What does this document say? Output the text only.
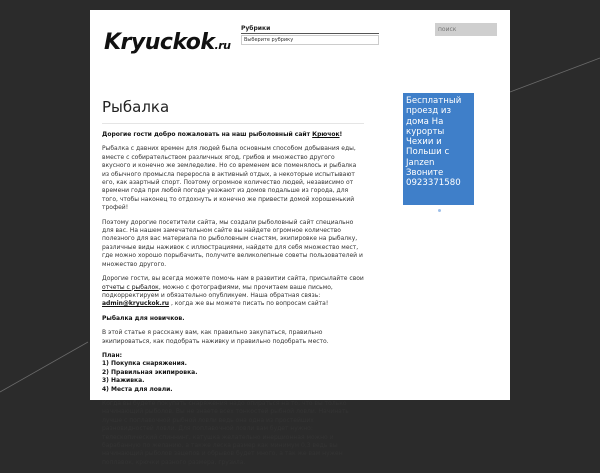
Kryuckok.ru
Рубрики
Выберите рубрику
поиск
Рыбалка

Дорогие гости добро пожаловать на наш рыболовный сайт Крючок!

Рыбалка с давних времен для людей была основным способом добывания еды, вместе с собирательством различных ягод, грибов и множество другого вкусного и конечно же земледелие. Но со временем все поменялось и рыбалка из обычного промысла переросла в активный отдых, а некоторые испытывают его, как азартный спорт. Поэтому огромное количество людей, независимо от времени года при любой погоде уезжают из домов подальше из города, для того, чтобы наконец то отдохнуть и конечно же привести домой хорошенький трофей!

Поэтому дорогие посетители сайта, мы создали рыболовный сайт специально для вас. На нашем замечательном сайте вы найдете огромное количество полезного для вас материала по рыболовным снастям, экипировке на рыбалку, различные виды наживок с иллюстрациями, найдете для себя множество мест, где можно хорошо порыбачить, получите великолепные советы пользователей и множество другого.

Дорогие гости, вы всегда можете помочь нам в развитии сайта, присылайте свои отчеты с рыбалок, можно с фотографиями, мы прочитаем ваше письмо, подкорректируем и обязательно опубликуем. Наша обратная связь: admin@kryuckok.ru , когда же вы можете писать по вопросам сайта!

Рыбалка для новичков.

В этой статье я расскажу вам, как правильно закупаться, правильно экипироваться, как подобрать наживку и правильно подобрать место.

План:
1) Покупка снаряжения.
2) Правильная экипировка.
3) Наживка.
4) Места для ловли.

Когда вы будете покупать снаряжения надо опираться на то, что вы только начинающий рыболов. Вы не знаете всех тонкостей рыбной ловли. Начинать лучше с поплавочной рыбной ловли ведь она одна из простейших разновидностей ловли. Для поплавочной ловли вам будет нужно: телескопический спиннинг, катушка желательно инерционная можно и барабанную по желанию, а также леска размер как минимум 0,3 ведь вы начинающий рыболов зацепов и обрывов будет много, а так же вам нужен поплавок, крючки разного размера, грузила.

Бесплатный проезд из дома На курорты Чехии и Польши с Janzen Звоните 0923371580
